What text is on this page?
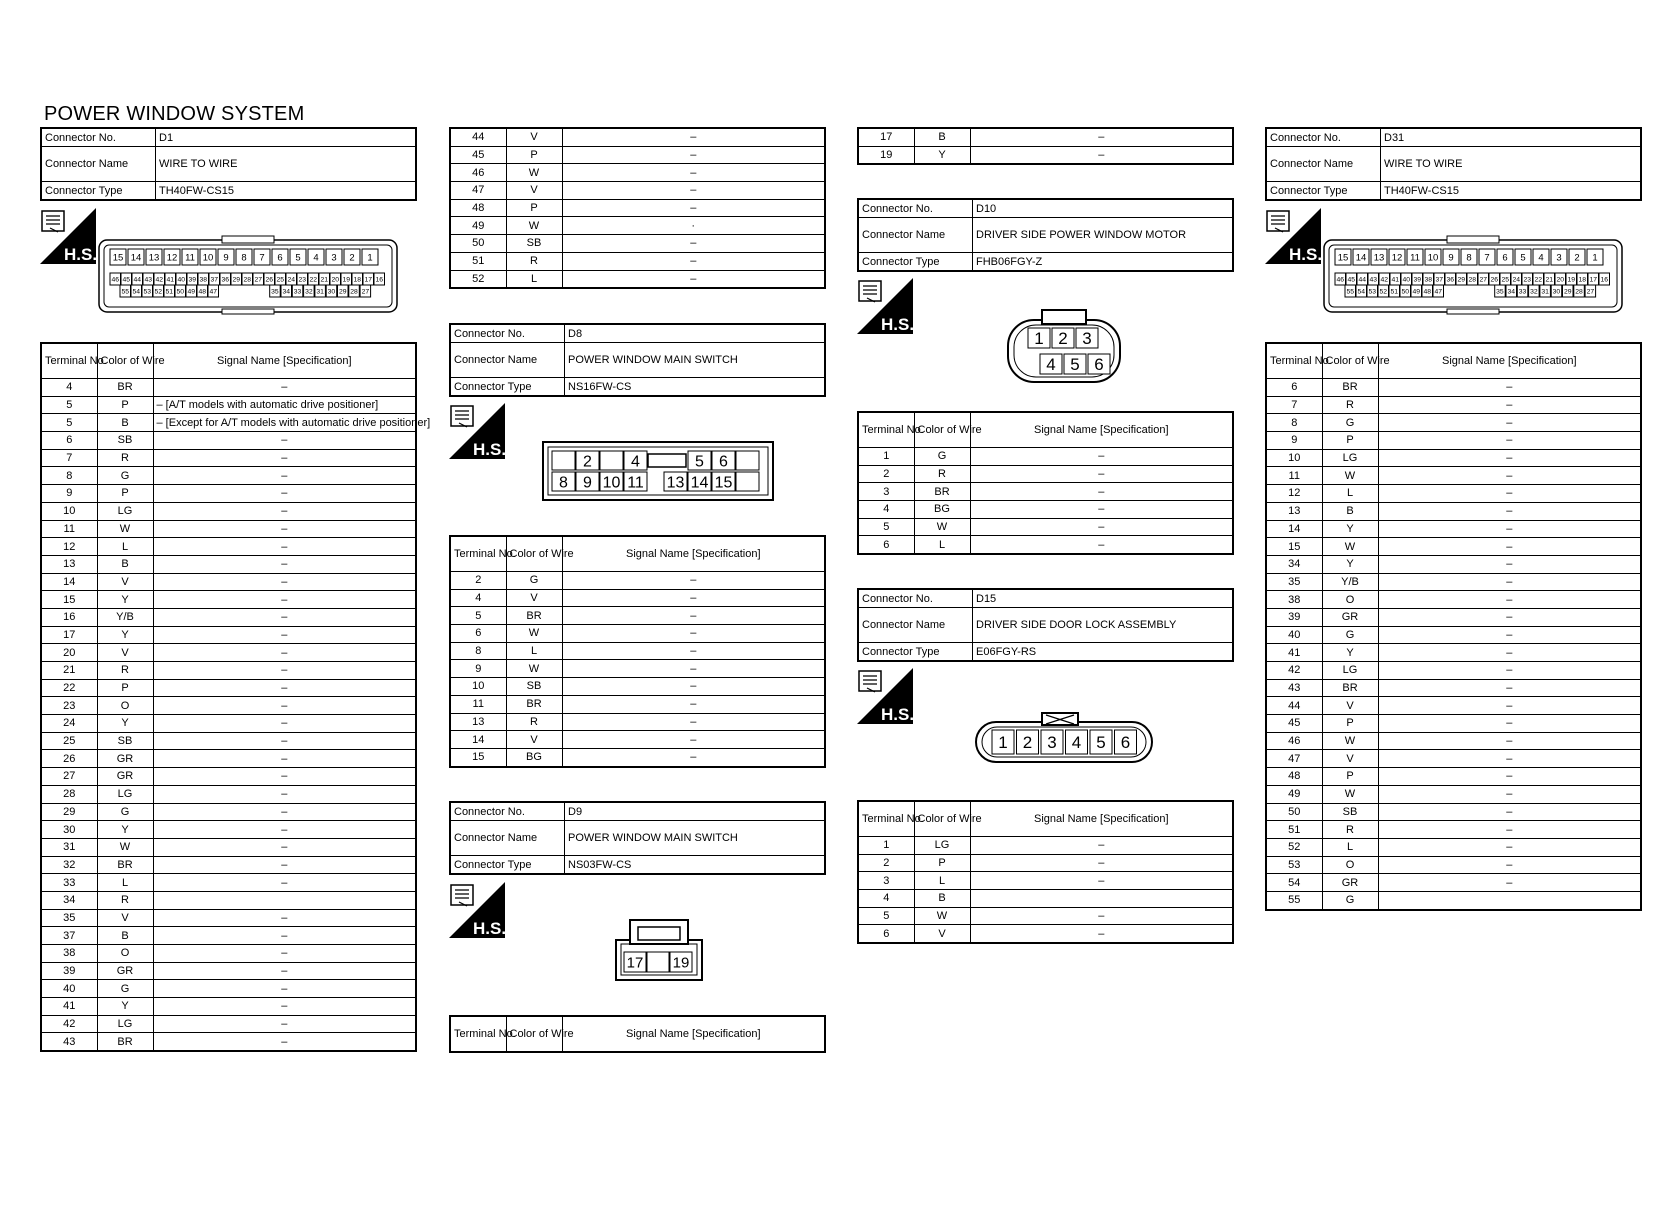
POWER WINDOW SYSTEM
Connector No.	D1
Connector Name	WIRE TO WIRE
Connector Type	TH40FW-CS15
H.S. 15 14 13 12 11 10 9 8 7 6 5 4 3 2 1
46 45 44 43 42 41 40 39 38 37 36 29 28 27 26 25 24 23 22 21 20 19 18 17 16
55 54 53 52 51 50 49 48 47	35 34 33 32 31 30 29 28 27
Terminal No.	Color of Wire	Signal Name [Specification]
4	BR	–
5	P	– [A/T models with automatic drive positioner]
5	B	– [Except for A/T models with automatic drive positioner]
6	SB	–
7	R	–
8	G	–
9	P	–
10	LG	–
11	W	–
12	L	–
13	B	–
14	V	–
15	Y	–
16	Y/B	–
17	Y	–
20	V	–
21	R	–
22	P	–
23	O	–
24	Y	–
25	SB	–
26	GR	–
27	GR	–
28	LG	–
29	G	–
30	Y	–
31	W	–
32	BR	–
33	L	–
34	R	
35	V	–
37	B	–
38	O	–
39	GR	–
40	G	–
41	Y	–
42	LG	–
43	BR	–
44	V	–
45	P	–
46	W	–
47	V	–
48	P	–
49	W	·
50	SB	–
51	R	–
52	L	–
Connector No.	D8
Connector Name	POWER WINDOW MAIN SWITCH
Connector Type	NS16FW-CS
H.S.
2 4	5 6
8 9 10 11 13 14 15
Terminal No.	Color of Wire	Signal Name [Specification]
2	G	–
4	V	–
5	BR	–
6	W	–
8	L	–
9	W	–
10	SB	–
11	BR	–
13	R	–
14	V	–
15	BG	–
Connector No.	D9
Connector Name	POWER WINDOW MAIN SWITCH
Connector Type	NS03FW-CS
H.S.
17 19
Terminal No.	Color of Wire	Signal Name [Specification]
17	B	–
19	Y	–
Connector No.	D10
Connector Name	DRIVER SIDE POWER WINDOW MOTOR
Connector Type	FHB06FGY-Z
H.S.
1 2 3
4 5 6
Terminal No.	Color of Wire	Signal Name [Specification]
1	G	–
2	R	–
3	BR	–
4	BG	–
5	W	–
6	L	–
Connector No.	D15
Connector Name	DRIVER SIDE DOOR LOCK ASSEMBLY
Connector Type	E06FGY-RS
H.S.
1 2 3 4 5 6
Terminal No.	Color of Wire	Signal Name [Specification]
1	LG	–
2	P	–
3	L	–
4	B	
5	W	–
6	V	–
Connector No.	D31
Connector Name	WIRE TO WIRE
Connector Type	TH40FW-CS15
H.S. 15 14 13 12 11 10 9 8 7 6 5 4 3 2 1
46 45 44 43 42 41 40 39 38 37 36 29 28 27 26 25 24 23 22 21 20 19 18 17 16
55 54 53 52 51 50 49 48 47	35 34 33 32 31 30 29 28 27
Terminal No.	Color of Wire	Signal Name [Specification]
6	BR	–
7	R	–
8	G	–
9	P	–
10	LG	–
11	W	–
12	L	–
13	B	–
14	Y	–
15	W	–
34	Y	–
35	Y/B	–
38	O	–
39	GR	–
40	G	–
41	Y	–
42	LG	–
43	BR	–
44	V	–
45	P	–
46	W	–
47	V	–
48	P	–
49	W	–
50	SB	–
51	R	–
52	L	–
53	O	–
54	GR	–
55	G	
